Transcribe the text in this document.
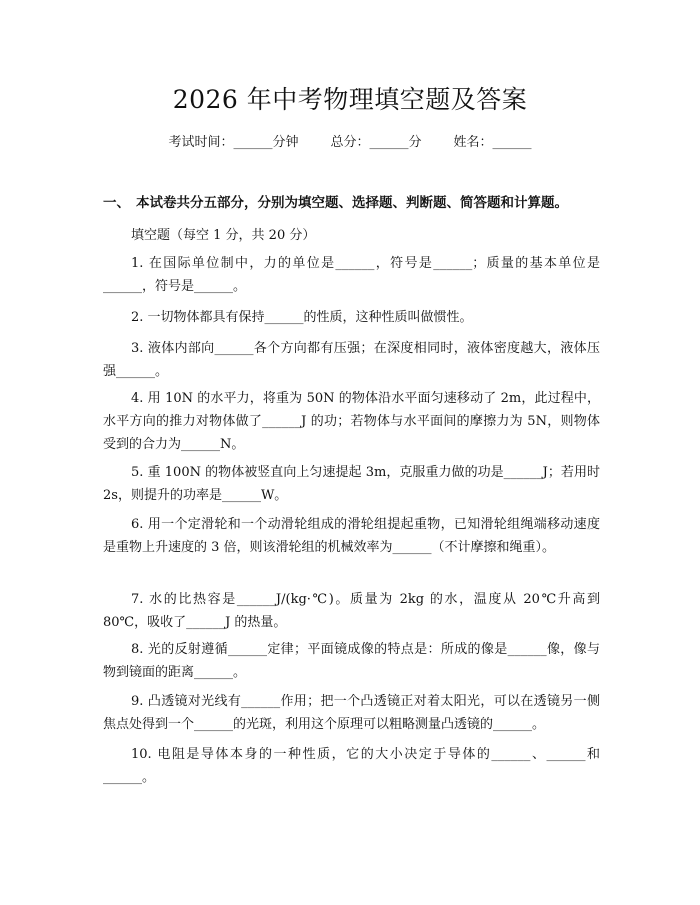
2026 年中考物理填空题及答案
考试时间：______分钟 总分：______分 姓名：______
一、 本试卷共分五部分，分别为填空题、选择题、判断题、简答题和计算题。
填空题（每空 1 分，共 20 分）
1. 在国际单位制中，力的单位是______，符号是______；质量的基本单位是______，符号是______。
2. 一切物体都具有保持______的性质，这种性质叫做惯性。
3. 液体内部向______各个方向都有压强；在深度相同时，液体密度越大，液体压强______。
4. 用 10N 的水平力，将重为 50N 的物体沿水平面匀速移动了 2m，此过程中，水平方向的推力对物体做了______J 的功；若物体与水平面间的摩擦力为 5N，则物体受到的合力为______N。
5. 重 100N 的物体被竖直向上匀速提起 3m，克服重力做的功是______J；若用时 2s，则提升的功率是______W。
6. 用一个定滑轮和一个动滑轮组成的滑轮组提起重物，已知滑轮组绳端移动速度是重物上升速度的 3 倍，则该滑轮组的机械效率为______（不计摩擦和绳重）。
7. 水的比热容是______J/(kg·℃)。质量为 2kg 的水，温度从 20℃升高到 80℃，吸收了______J 的热量。
8. 光的反射遵循______定律；平面镜成像的特点是：所成的像是______像，像与物到镜面的距离______。
9. 凸透镜对光线有______作用；把一个凸透镜正对着太阳光，可以在透镜另一侧焦点处得到一个______的光斑，利用这个原理可以粗略测量凸透镜的______。
10. 电阻是导体本身的一种性质，它的大小决定于导体的______、______和______。
